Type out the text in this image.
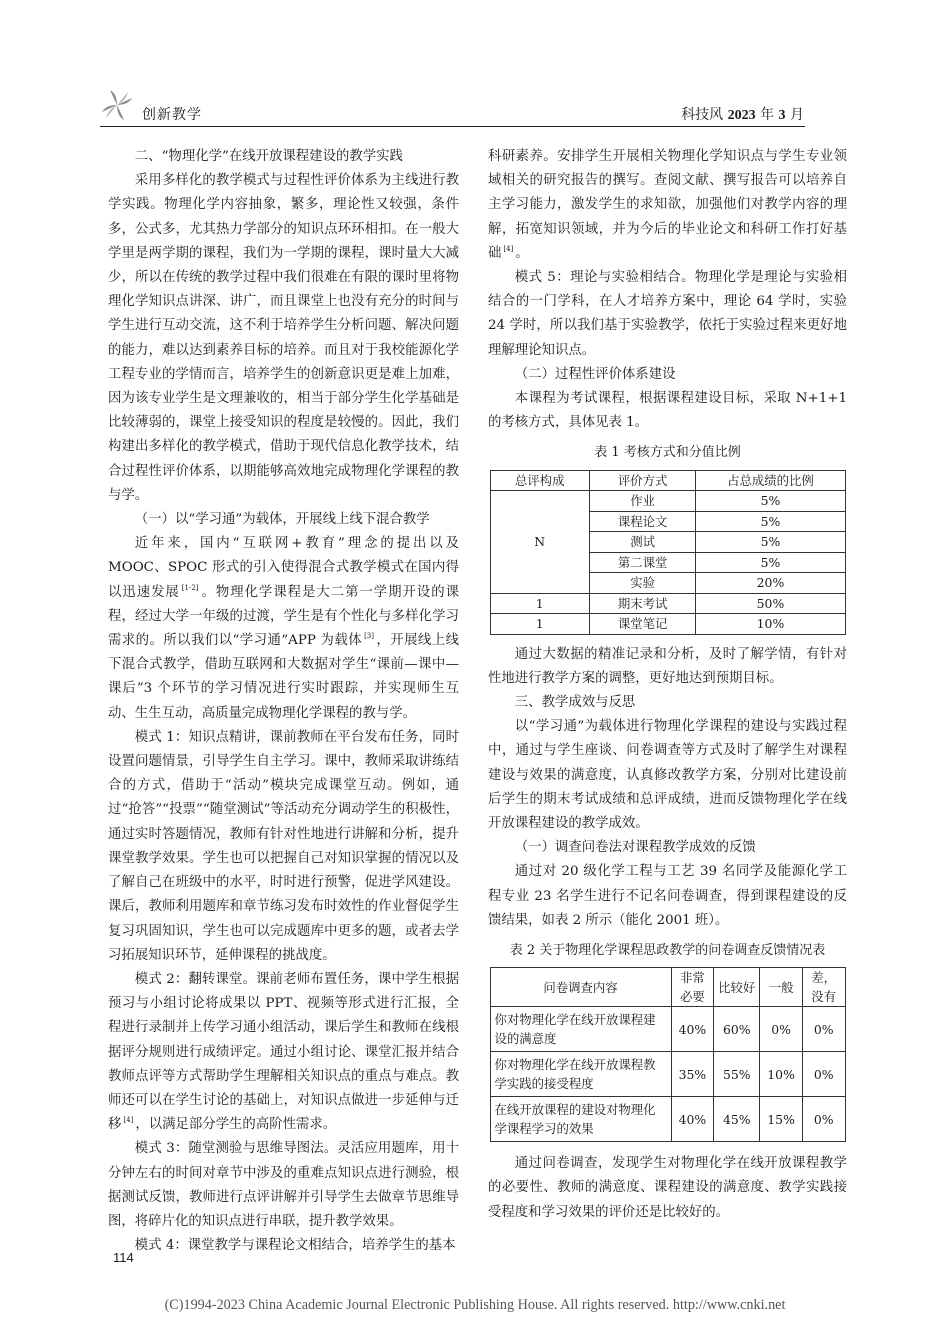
创新教学	科技风 2023 年 3 月

二、“物理化学”在线开放课程建设的教学实践

采用多样化的教学模式与过程性评价体系为主线进行教学实践。物理化学内容抽象，繁多，理论性又较强，条件多，公式多，尤其热力学部分的知识点环环相扣。在一般大学里是两学期的课程，我们为一学期的课程，课时量大大减少，所以在传统的教学过程中我们很难在有限的课时里将物理化学知识点讲深、讲广，而且课堂上也没有充分的时间与学生进行互动交流，这不利于培养学生分析问题、解决问题的能力，难以达到素养目标的培养。而且对于我校能源化学工程专业的学情而言，培养学生的创新意识更是难上加难，因为该专业学生是文理兼收的，相当于部分学生化学基础是比较薄弱的，课堂上接受知识的程度是较慢的。因此，我们构建出多样化的教学模式，借助于现代信息化教学技术，结合过程性评价体系，以期能够高效地完成物理化学课程的教与学。

（一）以“学习通”为载体，开展线上线下混合教学

近年来，国内“互联网+教育”理念的提出以及 MOOC、SPOC 形式的引入使得混合式教学模式在国内得以迅速发展 [1-2] 。物理化学课程是大二第一学期开设的课程，经过大学一年级的过渡，学生是有个性化与多样化学习需求的。所以我们以“学习通”APP 为载体 [3] ，开展线上线下混合式教学，借助互联网和大数据对学生“课前—课中—课后”3 个环节的学习情况进行实时跟踪，并实现师生互动、生生互动，高质量完成物理化学课程的教与学。

模式 1：知识点精讲，课前教师在平台发布任务，同时设置问题情景，引导学生自主学习。课中，教师采取讲练结合的方式，借助于“活动”模块完成课堂互动。例如，通过“抢答”“投票”“随堂测试”等活动充分调动学生的积极性，通过实时答题情况，教师有针对性地进行讲解和分析，提升课堂教学效果。学生也可以把握自己对知识掌握的情况以及了解自己在班级中的水平，时时进行预警，促进学风建设。课后，教师利用题库和章节练习发布时效性的作业督促学生复习巩固知识，学生也可以完成题库中更多的题，或者去学习拓展知识环节，延伸课程的挑战度。

模式 2：翻转课堂。课前老师布置任务，课中学生根据预习与小组讨论将成果以 PPT、视频等形式进行汇报，全程进行录制并上传学习通小组活动，课后学生和教师在线根据评分规则进行成绩评定。通过小组讨论、课堂汇报并结合教师点评等方式帮助学生理解相关知识点的重点与难点。教师还可以在学生讨论的基础上，对知识点做进一步延伸与迁移 [4] ，以满足部分学生的高阶性需求。

模式 3：随堂测验与思维导图法。灵活应用题库，用十分钟左右的时间对章节中涉及的重难点知识点进行测验，根据测试反馈，教师进行点评讲解并引导学生去做章节思维导图，将碎片化的知识点进行串联，提升教学效果。

模式 4：课堂教学与课程论文相结合，培养学生的基本

科研素养。安排学生开展相关物理化学知识点与学生专业领域相关的研究报告的撰写。查阅文献、撰写报告可以培养自主学习能力，激发学生的求知欲，加强他们对教学内容的理解，拓宽知识领域，并为今后的毕业论文和科研工作打好基础 [4] 。

模式 5：理论与实验相结合。物理化学是理论与实验相结合的一门学科，在人才培养方案中，理论 64 学时，实验 24 学时，所以我们基于实验教学，依托于实验过程来更好地理解理论知识点。

（二）过程性评价体系建设

本课程为考试课程，根据课程建设目标，采取 N+1+1 的考核方式，具体见表 1。

表 1 考核方式和分值比例

总评构成	评价方式	占总成绩的比例
N	作业	5%
	课程论文	5%
	测试	5%
	第二课堂	5%
	实验	20%
1	期末考试	50%
1	课堂笔记	10%

通过大数据的精准记录和分析，及时了解学情，有针对性地进行教学方案的调整，更好地达到预期目标。

三、教学成效与反思

以“学习通”为载体进行物理化学课程的建设与实践过程中，通过与学生座谈、问卷调查等方式及时了解学生对课程建设与效果的满意度，认真修改教学方案，分别对比建设前后学生的期末考试成绩和总评成绩，进而反馈物理化学在线开放课程建设的教学成效。

（一）调查问卷法对课程教学成效的反馈

通过对 20 级化学工程与工艺 39 名同学及能源化学工程专业 23 名学生进行不记名问卷调查，得到课程建设的反馈结果，如表 2 所示（能化 2001 班）。

表 2 关于物理化学课程思政教学的问卷调查反馈情况表

问卷调查内容	非常必要	比较好	一般	差，没有
你对物理化学在线开放课程建设的满意度	40%	60%	0%	0%
你对物理化学在线开放课程教学实践的接受程度	35%	55%	10%	0%
在线开放课程的建设对物理化学课程学习的效果	40%	45%	15%	0%

通过问卷调查，发现学生对物理化学在线开放课程教学的必要性、教师的满意度、课程建设的满意度、教学实践接受程度和学习效果的评价还是比较好的。

114
(C)1994-2023 China Academic Journal Electronic Publishing House. All rights reserved. http://www.cnki.net
